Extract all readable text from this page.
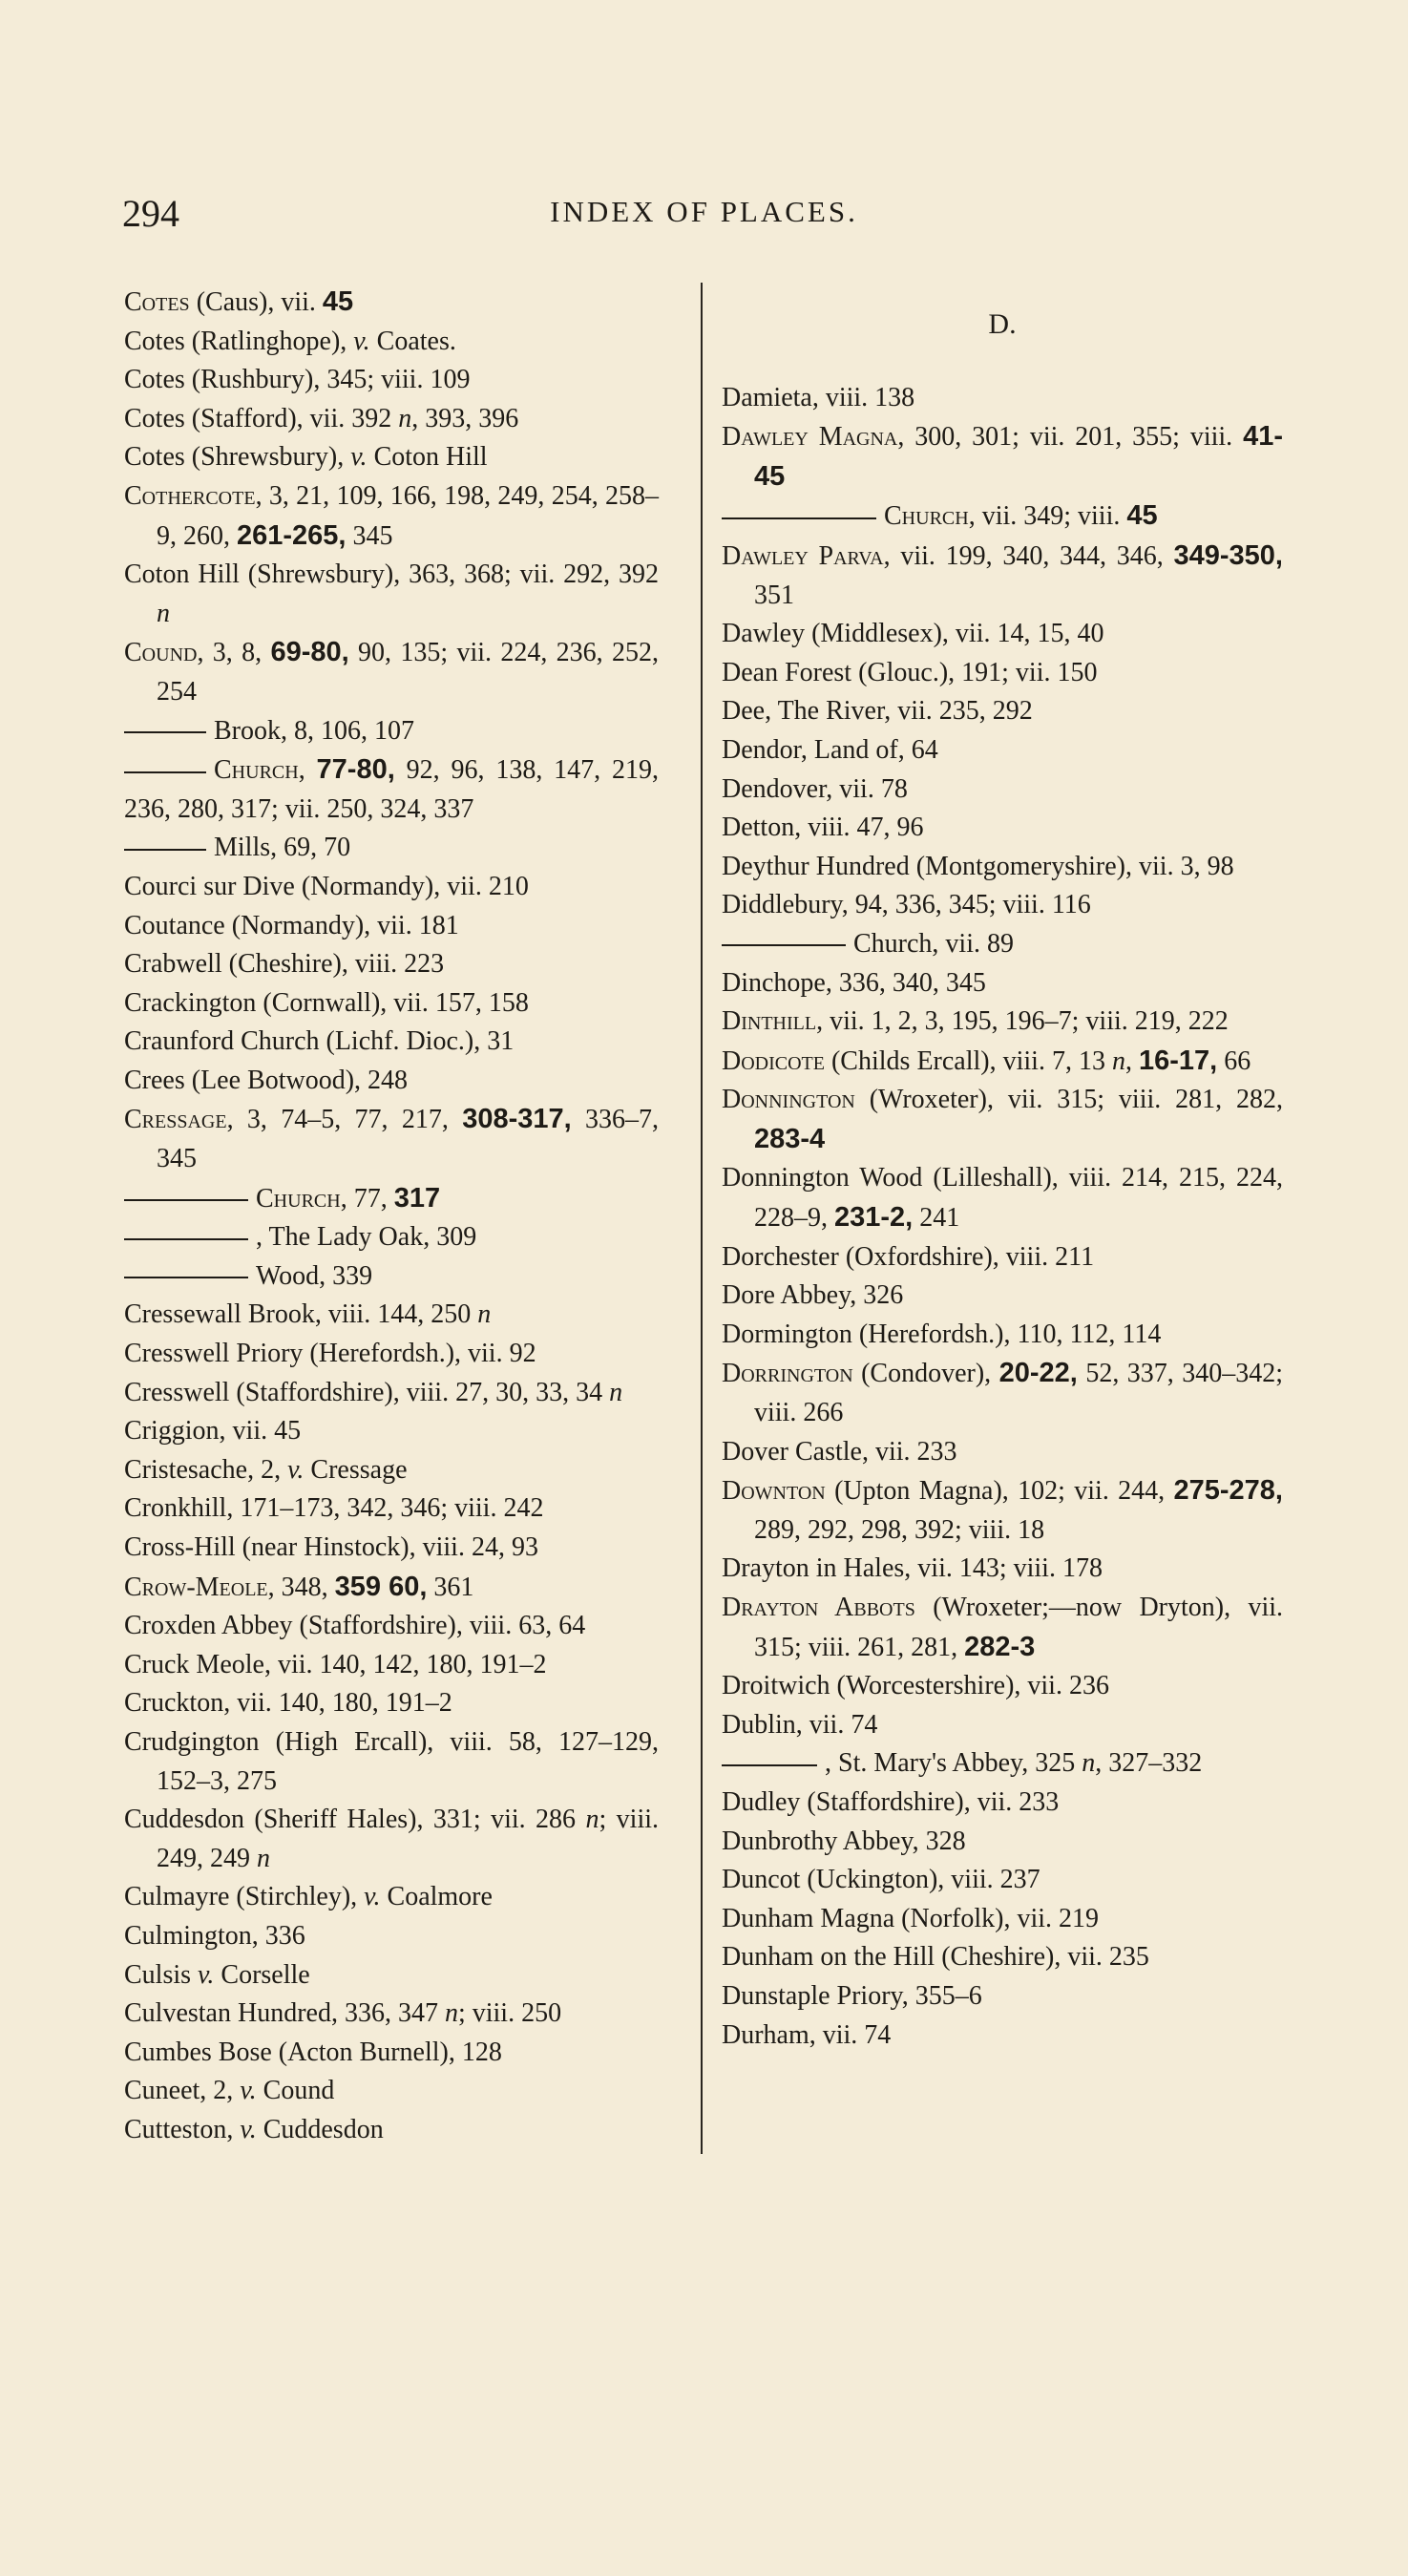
294	INDEX OF PLACES.
Cotes (Caus), vii. 45
Cotes (Ratlinghope), v. Coates.
Cotes (Rushbury), 345; viii. 109
Cotes (Stafford), vii. 392 n, 393, 396
Cotes (Shrewsbury), v. Coton Hill
Cothercote, 3, 21, 109, 166, 198, 249, 254, 258–9, 260, 261-265, 345
Coton Hill (Shrewsbury), 363, 368; vii. 292, 392 n
Cound, 3, 8, 69-80, 90, 135; vii. 224, 236, 252, 254
Brook, 8, 106, 107
Church, 77-80, 92, 96, 138, 147, 219, 236, 280, 317; vii. 250, 324, 337
Mills, 69, 70
Courci sur Dive (Normandy), vii. 210
Coutance (Normandy), vii. 181
Crabwell (Cheshire), viii. 223
Crackington (Cornwall), vii. 157, 158
Craunford Church (Lichf. Dioc.), 31
Crees (Lee Botwood), 248
Cressage, 3, 74–5, 77, 217, 308-317, 336–7, 345
Church, 77, 317
, The Lady Oak, 309
Wood, 339
Cressewall Brook, viii. 144, 250 n
Cresswell Priory (Herefordsh.), vii. 92
Cresswell (Staffordshire), viii. 27, 30, 33, 34 n
Criggion, vii. 45
Cristesache, 2, v. Cressage
Cronkhill, 171–173, 342, 346; viii. 242
Cross-Hill (near Hinstock), viii. 24, 93
Crow-Meole, 348, 359 60, 361
Croxden Abbey (Staffordshire), viii. 63, 64
Cruck Meole, vii. 140, 142, 180, 191–2
Cruckton, vii. 140, 180, 191–2
Crudgington (High Ercall), viii. 58, 127–129, 152–3, 275
Cuddesdon (Sheriff Hales), 331; vii. 286 n; viii. 249, 249 n
Culmayre (Stirchley), v. Coalmore
Culmington, 336
Culsis v. Corselle
Culvestan Hundred, 336, 347 n; viii. 250
Cumbes Bose (Acton Burnell), 128
Cuneet, 2, v. Cound
Cutteston, v. Cuddesdon
D.
Damieta, viii. 138
Dawley Magna, 300, 301; vii. 201, 355; viii. 41-45
Church, vii. 349; viii. 45
Dawley Parva, vii. 199, 340, 344, 346, 349-350, 351
Dawley (Middlesex), vii. 14, 15, 40
Dean Forest (Glouc.), 191; vii. 150
Dee, The River, vii. 235, 292
Dendor, Land of, 64
Dendover, vii. 78
Detton, viii. 47, 96
Deythur Hundred (Montgomeryshire), vii. 3, 98
Diddlebury, 94, 336, 345; viii. 116
Church, vii. 89
Dinchope, 336, 340, 345
Dinthill, vii. 1, 2, 3, 195, 196–7; viii. 219, 222
Dodicote (Childs Ercall), viii. 7, 13 n, 16-17, 66
Donnington (Wroxeter), vii. 315; viii. 281, 282, 283-4
Donnington Wood (Lilleshall), viii. 214, 215, 224, 228–9, 231-2, 241
Dorchester (Oxfordshire), viii. 211
Dore Abbey, 326
Dormington (Herefordsh.), 110, 112, 114
Dorrington (Condover), 20-22, 52, 337, 340–342; viii. 266
Dover Castle, vii. 233
Downton (Upton Magna), 102; vii. 244, 275-278, 289, 292, 298, 392; viii. 18
Drayton in Hales, vii. 143; viii. 178
Drayton Abbots (Wroxeter;—now Dryton), vii. 315; viii. 261, 281, 282-3
Droitwich (Worcestershire), vii. 236
Dublin, vii. 74
, St. Mary's Abbey, 325 n, 327–332
Dudley (Staffordshire), vii. 233
Dunbrothy Abbey, 328
Duncot (Uckington), viii. 237
Dunham Magna (Norfolk), vii. 219
Dunham on the Hill (Cheshire), vii. 235
Dunstaple Priory, 355–6
Durham, vii. 74
